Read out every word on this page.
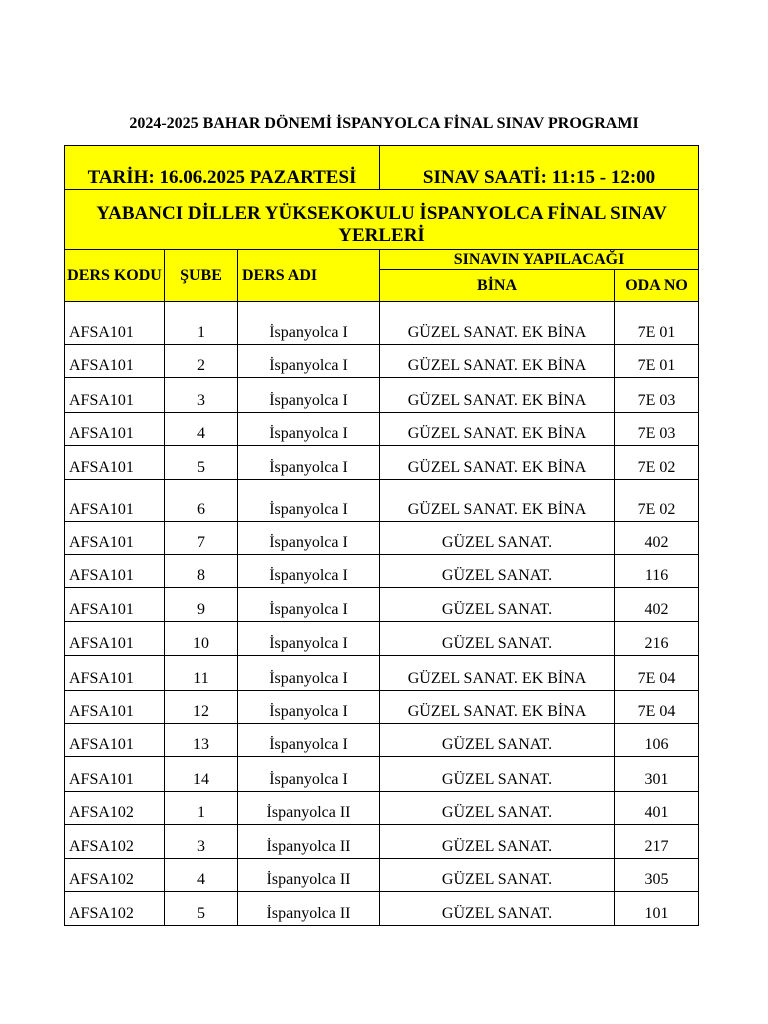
2024-2025 BAHAR DÖNEMİ İSPANYOLCA FİNAL SINAV PROGRAMI
TARİH: 16.06.2025 PAZARTESİ			SINAV SAATİ: 11:15 - 12:00	
YABANCI DİLLER YÜKSEKOKULU İSPANYOLCA FİNAL SINAV YERLERİ				
DERS KODU	ŞUBE	DERS ADI	SINAVIN YAPILACAĞI	
			BİNA	ODA NO
AFSA101	1	İspanyolca I	GÜZEL SANAT. EK BİNA	7E 01
AFSA101	2	İspanyolca I	GÜZEL SANAT. EK BİNA	7E 01
AFSA101	3	İspanyolca I	GÜZEL SANAT. EK BİNA	7E 03
AFSA101	4	İspanyolca I	GÜZEL SANAT. EK BİNA	7E 03
AFSA101	5	İspanyolca I	GÜZEL SANAT. EK BİNA	7E 02
AFSA101	6	İspanyolca I	GÜZEL SANAT. EK BİNA	7E 02
AFSA101	7	İspanyolca I	GÜZEL SANAT.	402
AFSA101	8	İspanyolca I	GÜZEL SANAT.	116
AFSA101	9	İspanyolca I	GÜZEL SANAT.	402
AFSA101	10	İspanyolca I	GÜZEL SANAT.	216
AFSA101	11	İspanyolca I	GÜZEL SANAT. EK BİNA	7E 04
AFSA101	12	İspanyolca I	GÜZEL SANAT. EK BİNA	7E 04
AFSA101	13	İspanyolca I	GÜZEL SANAT.	106
AFSA101	14	İspanyolca I	GÜZEL SANAT.	301
AFSA102	1	İspanyolca II	GÜZEL SANAT.	401
AFSA102	3	İspanyolca II	GÜZEL SANAT.	217
AFSA102	4	İspanyolca II	GÜZEL SANAT.	305
AFSA102	5	İspanyolca II	GÜZEL SANAT.	101
